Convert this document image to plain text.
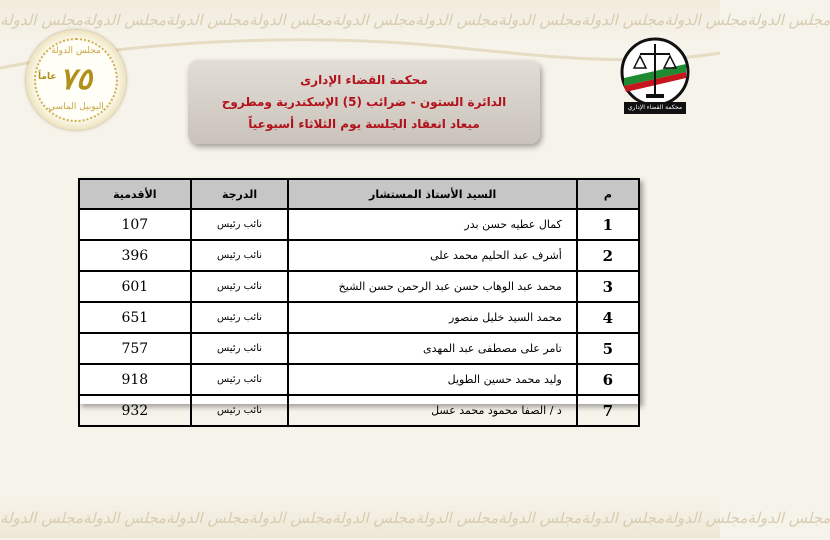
مجلس الدولة مجلس الدولة مجلس الدولة مجلس الدولة مجلس الدولة مجلس الدولة مجلس الدولة مجلس الدولة مجلس الدولة مجلس الدولة
مجلس الدولة
٧٥
عاماً
اليوبيل الماسي	محكمة القضاء الإداري
محكمة القضاء الإدارى
الدائرة الستون - ضرائب (5) الإسكندرية ومطروح
ميعاد انعقاد الجلسة يوم الثلاثاء أسبوعياً
م	السيد الأستاذ المستشار	الدرجة	الأقدمية
1	كمال عطيه حسن بدر	نائب رئيس	107
2	أشرف عبد الحليم محمد على	نائب رئيس	396
3	محمد عبد الوهاب حسن عبد الرحمن حسن الشيخ	نائب رئيس	601
4	محمد السيد خليل منصور	نائب رئيس	651
5	تامر على مصطفى عبد المهدى	نائب رئيس	757
6	وليد محمد حسين الطويل	نائب رئيس	918
7	د / الصفا محمود محمد عسل	نائب رئيس	932
مجلس الدولة مجلس الدولة مجلس الدولة مجلس الدولة مجلس الدولة مجلس الدولة مجلس الدولة مجلس الدولة مجلس الدولة مجلس الدولة
